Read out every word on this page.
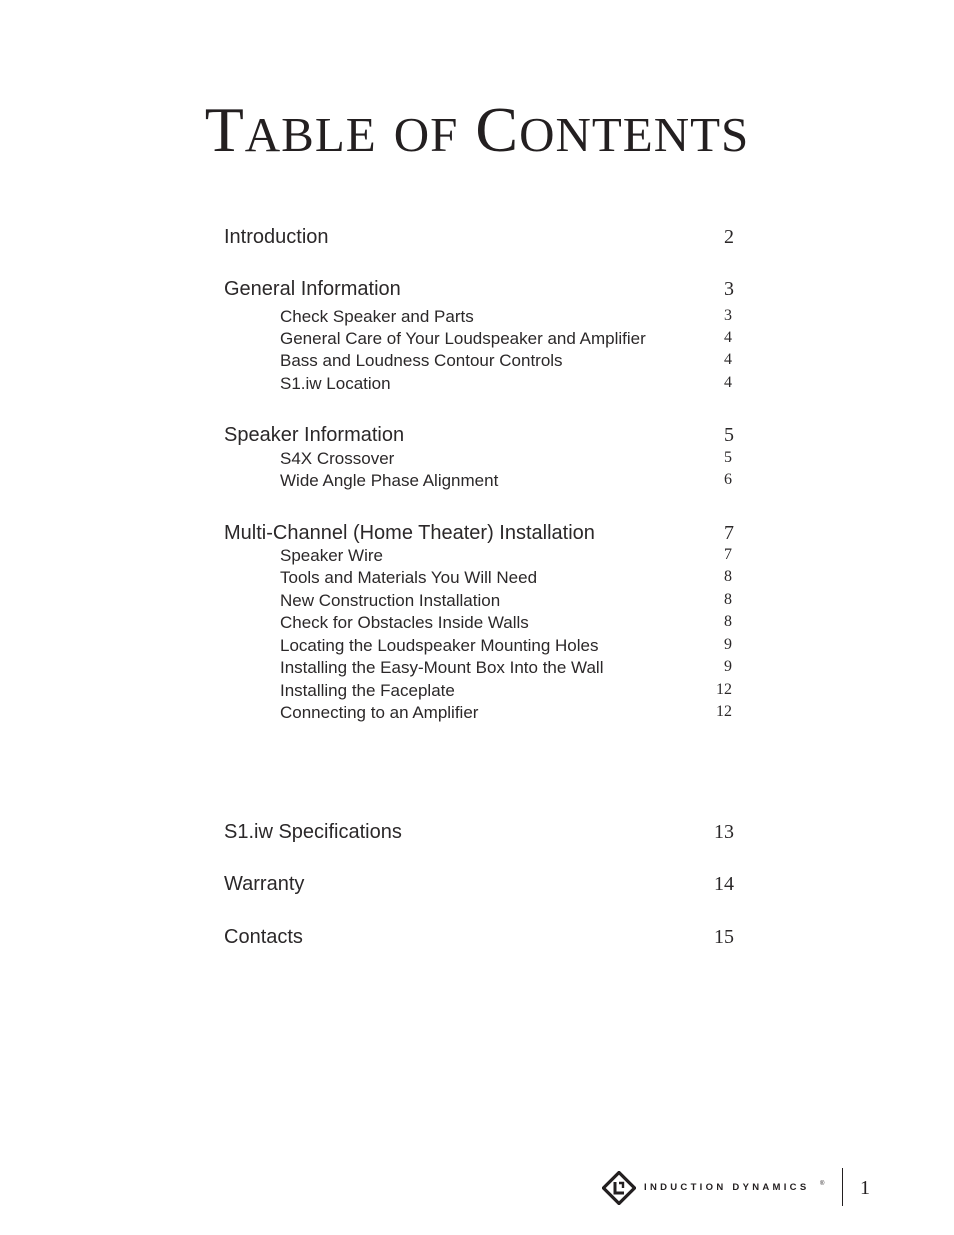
TABLE OF CONTENTS
Introduction	2
General Information	3
Check Speaker and Parts	3
General Care of Your Loudspeaker and Amplifier	4
Bass and Loudness Contour Controls	4
S1.iw Location	4
Speaker Information	5
S4X Crossover	5
Wide Angle Phase Alignment	6
Multi-Channel (Home Theater) Installation	7
Speaker Wire	7
Tools and Materials You Will Need	8
New Construction Installation	8
Check for Obstacles Inside Walls	8
Locating the Loudspeaker Mounting Holes	9
Installing the Easy-Mount Box Into the Wall	9
Installing the Faceplate	12
Connecting to an Amplifier	12
S1.iw Specifications	13
Warranty	14
Contacts	15
INDUCTION DYNAMICS ® 1
